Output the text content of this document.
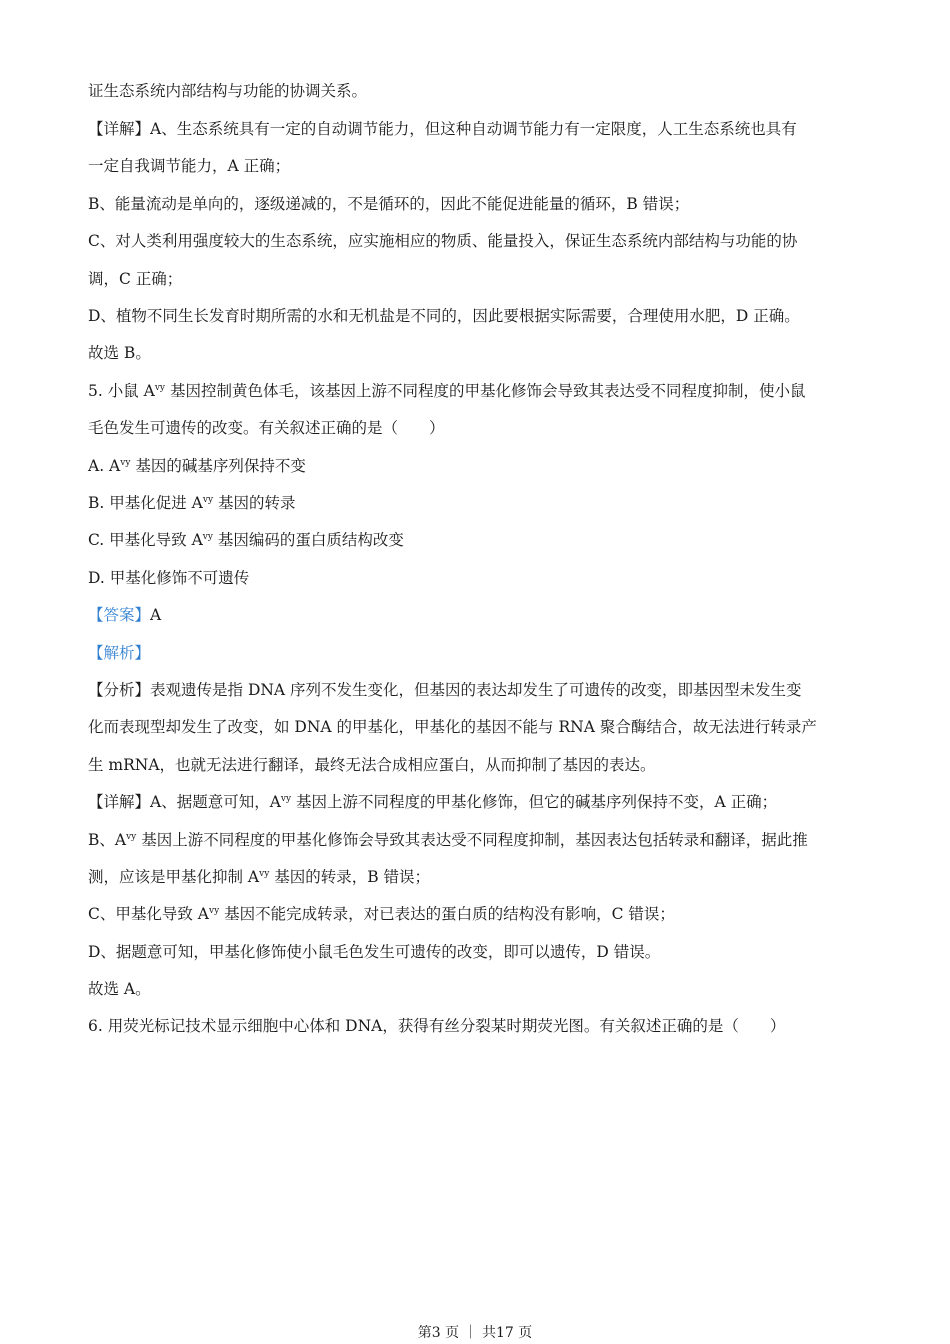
证生态系统内部结构与功能的协调关系。
【详解】A、生态系统具有一定的自动调节能力，但这种自动调节能力有一定限度，人工生态系统也具有
一定自我调节能力，A 正确；
B、能量流动是单向的，逐级递减的，不是循环的，因此不能促进能量的循环，B 错误；
C、对人类利用强度较大的生态系统，应实施相应的物质、能量投入，保证生态系统内部结构与功能的协
调，C 正确；
D、植物不同生长发育时期所需的水和无机盐是不同的，因此要根据实际需要，合理使用水肥，D 正确。
故选 B。
5. 小鼠 $A^{vy}$ 基因控制黄色体毛，该基因上游不同程度的甲基化修饰会导致其表达受不同程度抑制，使小鼠
毛色发生可遗传的改变。有关叙述正确的是（　　）
A. $A^{vy}$ 基因的碱基序列保持不变
B. 甲基化促进 $A^{vy}$ 基因的转录
C. 甲基化导致 $A^{vy}$ 基因编码的蛋白质结构改变
D. 甲基化修饰不可遗传
【答案】A
【解析】
【分析】表观遗传是指 DNA 序列不发生变化，但基因的表达却发生了可遗传的改变，即基因型未发生变
化而表现型却发生了改变，如 DNA 的甲基化，甲基化的基因不能与 RNA 聚合酶结合，故无法进行转录产
生 mRNA，也就无法进行翻译，最终无法合成相应蛋白，从而抑制了基因的表达。
【详解】A、据题意可知，$A^{vy}$ 基因上游不同程度的甲基化修饰，但它的碱基序列保持不变，A 正确；
B、$A^{vy}$ 基因上游不同程度的甲基化修饰会导致其表达受不同程度抑制，基因表达包括转录和翻译，据此推
测，应该是甲基化抑制 $A^{vy}$ 基因的转录，B 错误；
C、甲基化导致 $A^{vy}$ 基因不能完成转录，对已表达的蛋白质的结构没有影响，C 错误；
D、据题意可知，甲基化修饰使小鼠毛色发生可遗传的改变，即可以遗传，D 错误。
故选 A。
6. 用荧光标记技术显示细胞中心体和 DNA，获得有丝分裂某时期荧光图。有关叙述正确的是（　　）
第3 页 ｜ 共17 页
